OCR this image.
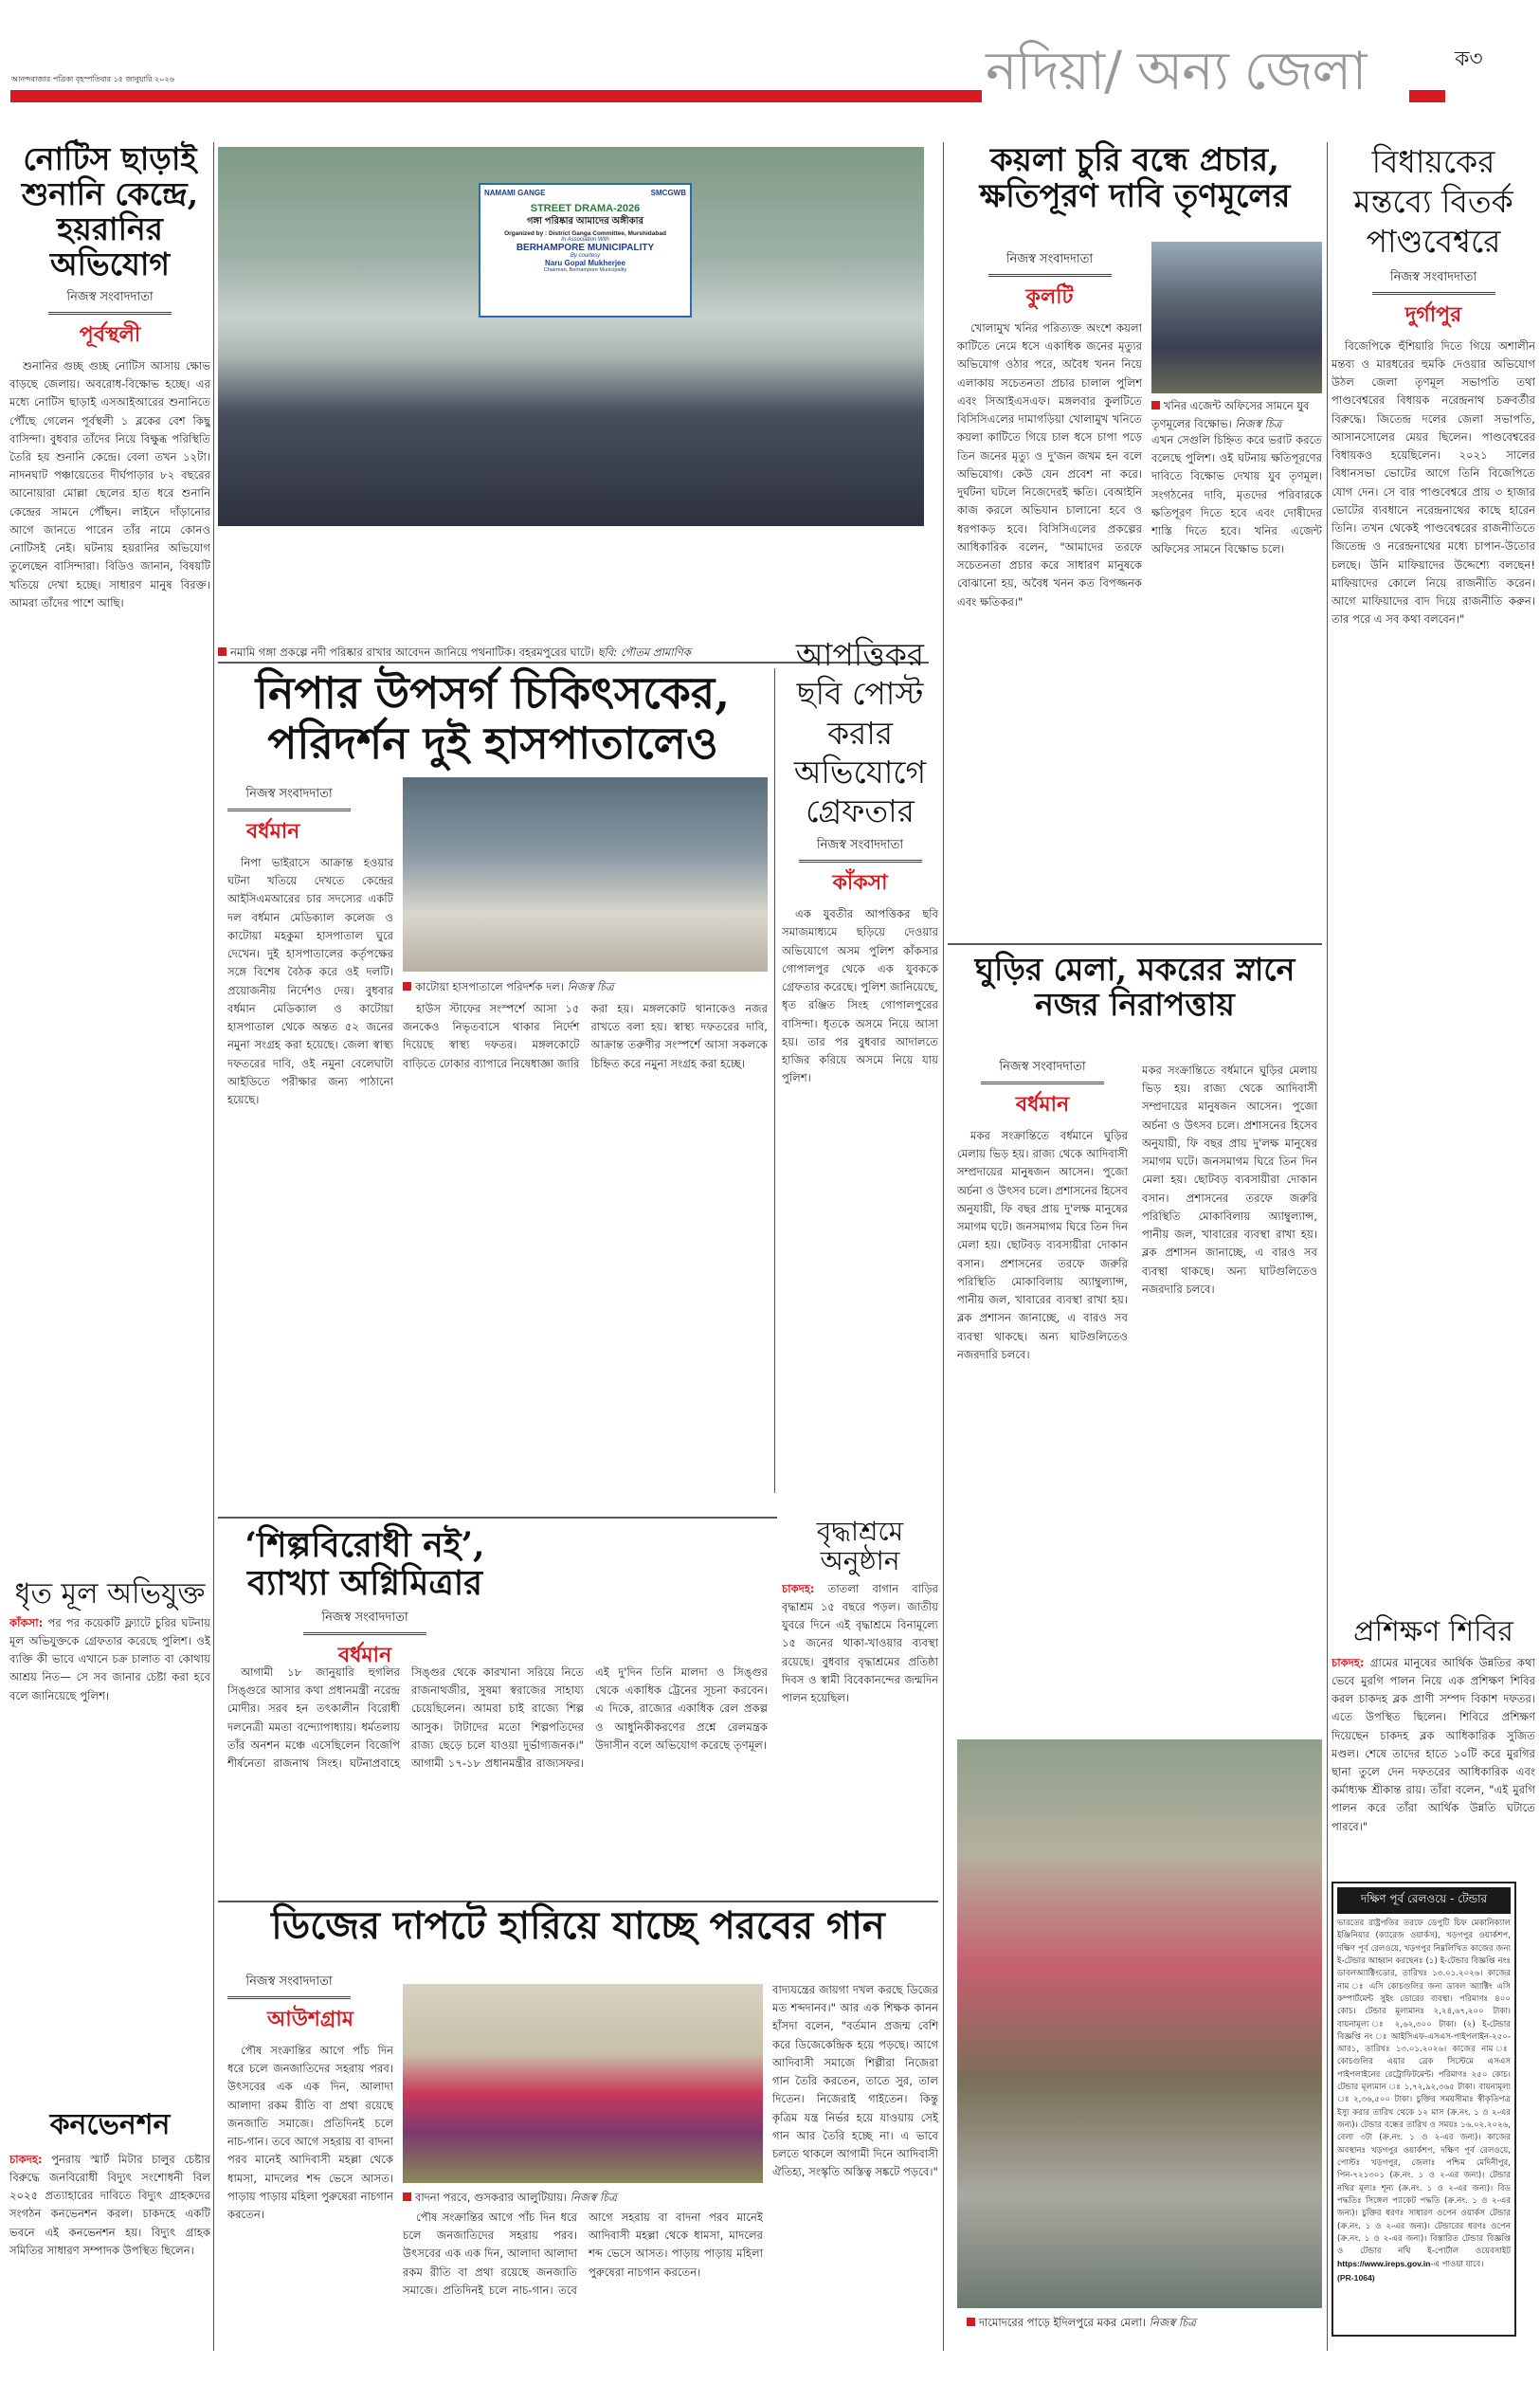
আনন্দবাজার পত্রিকা বৃহস্পতিবার ১৫ জানুয়ারি ২০২৬	নদিয়া/ অন্য জেলা	ক৩
নোটিস ছাড়াই শুনানি কেন্দ্রে, হয়রানির অভিযোগ
নিজস্ব সংবাদদাতা
পূর্বস্থলী

শুনানির গুচ্ছ গুচ্ছ নোটিস আসায় ক্ষোভ বাড়ছে জেলায়। অবরোধ-বিক্ষোভ হচ্ছে। এর মধ্যে নোটিস ছাড়াই এসআইআরের শুনানিতে পৌঁছে গেলেন পূর্বস্থলী ১ ব্লকের বেশ কিছু বাসিন্দা। বুধবার তাঁদের নিয়ে বিক্ষুব্ধ পরিস্থিতি তৈরি হয় শুনানি কেন্দ্রে। বেলা তখন ১২টা। নাদনঘাট পঞ্চায়েতের দীর্ঘপাড়ার ৮২ বছরের আনোয়ারা মোল্লা ছেলের হাত ধরে শুনানি কেন্দ্রের সামনে পৌঁছন। লাইনে দাঁড়ানোর আগে জানতে পারেন তাঁর নামে কোনও নোটিসই নেই। ঘটনায় হয়রানির অভিযোগ তুলেছেন বাসিন্দারা। বিডিও জানান, বিষয়টি খতিয়ে দেখা হচ্ছে। সাধারণ মানুষ বিরক্ত। আমরা তাঁদের পাশে আছি।

ধৃত মূল অভিযুক্ত

কাঁকসা: পর পর কয়েকটি ফ্ল্যাটে চুরির ঘটনায় মূল অভিযুক্তকে গ্রেফতার করেছে পুলিশ। ওই ব্যক্তি কী ভাবে এখানে চক্র চালাত বা কোথায় আশ্রয় নিত— সে সব জানার চেষ্টা করা হবে বলে জানিয়েছে পুলিশ।

কনভেনশন

চাকদহ: পুনরায় স্মার্ট মিটার চালুর চেষ্টার বিরুদ্ধে জনবিরোধী বিদ্যুৎ সংশোধনী বিল ২০২৫ প্রত্যাহারের দাবিতে বিদ্যুৎ গ্রাহকদের সংগঠন কনভেনশন করল। চাকদহে একটি ভবনে এই কনভেনশন হয়। বিদ্যুৎ গ্রাহক সমিতির সাধারণ সম্পাদক উপস্থিত ছিলেন।

NAMAMI GANGE	SMCGWB
STREET DRAMA-2026
গঙ্গা পরিষ্কার আমাদের অঙ্গীকার
Organized by : District Ganga Committee, Murshidabad
In Association With
BERHAMPORE MUNICIPALITY
By courtesy
Naru Gopal Mukherjee
Chairman, Berhampore Municipality
নমামি গঙ্গা প্রকল্পে নদী পরিষ্কার রাখার আবেদন জানিয়ে পথনাটিক। বহরমপুরের ঘাটে। ছবি: গৌতম প্রামাণিক
নিপার উপসর্গ চিকিৎসকের, পরিদর্শন দুই হাসপাতালেও
নিজস্ব সংবাদদাতা
বর্ধমান

নিপা ভাইরাসে আক্রান্ত হওয়ার ঘটনা খতিয়ে দেখতে কেন্দ্রের আইসিএমআরের চার সদস্যের একটি দল বর্ধমান মেডিক্যাল কলেজ ও কাটোয়া মহকুমা হাসপাতাল ঘুরে দেখেন। দুই হাসপাতালের কর্তৃপক্ষের সঙ্গে বিশেষ বৈঠক করে ওই দলটি। প্রয়োজনীয় নির্দেশও দেয়। বুধবার বর্ধমান মেডিক্যাল ও কাটোয়া হাসপাতাল থেকে অন্তত ৫২ জনের নমুনা সংগ্রহ করা হয়েছে। জেলা স্বাস্থ্য দফতরের দাবি, ওই নমুনা বেলেঘাটা আইডিতে পরীক্ষার জন্য পাঠানো হয়েছে।

কাটোয়া হাসপাতালে পরিদর্শক দল। নিজস্ব চিত্র

হাউস স্টাফের সংস্পর্শে আসা ১৫ জনকেও নিভৃতবাসে থাকার নির্দেশ দিয়েছে স্বাস্থ্য দফতর। মঙ্গলকোটে বাড়িতে ঢোকার ব্যাপারে নিষেধাজ্ঞা জারি করা হয়। মঙ্গলকোট থানাকেও নজর রাখতে বলা হয়। স্বাস্থ্য দফতরের দাবি, আক্রান্ত তরুণীর সংস্পর্শে আসা সকলকে চিহ্নিত করে নমুনা সংগ্রহ করা হচ্ছে।

আপত্তিকর ছবি পোস্ট করার অভিযোগে গ্রেফতার
নিজস্ব সংবাদদাতা
কাঁকসা

এক যুবতীর আপত্তিকর ছবি সমাজমাধ্যমে ছড়িয়ে দেওয়ার অভিযোগে অসম পুলিশ কাঁকসার গোপালপুর থেকে এক যুবককে গ্রেফতার করেছে। পুলিশ জানিয়েছে, ধৃত রঞ্জিত সিংহ গোপালপুরের বাসিন্দা। ধৃতকে অসমে নিয়ে আসা হয়। তার পর বুধবার আদালতে হাজির করিয়ে অসমে নিয়ে যায় পুলিশ।

বৃদ্ধাশ্রমে অনুষ্ঠান

চাকদহ: তাতলা বাগান বাড়ির বৃদ্ধাশ্রম ১৫ বছরে পড়ল। জাতীয় যুবরে দিনে এই বৃদ্ধাশ্রমে বিনামূল্যে ১৫ জনের থাকা-খাওয়ার ব্যবস্থা রয়েছে। বুধবার বৃদ্ধাশ্রমের প্রতিষ্ঠা দিবস ও স্বামী বিবেকানন্দের জন্মদিন পালন হয়েছিল।

‘শিল্পবিরোধী নই’, ব্যাখ্যা অগ্নিমিত্রার
নিজস্ব সংবাদদাতা
বর্ধমান

আগামী ১৮ জানুয়ারি হুগলির সিঙ্গুরে আসার কথা প্রধানমন্ত্রী নরেন্দ্র মোদীর। সরব হন তৎকালীন বিরোধী দলনেত্রী মমতা বন্দ্যোপাধ্যায়। ধর্মতলায় তাঁর অনশন মঞ্চে এসেছিলেন বিজেপি শীর্ষনেতা রাজনাথ সিংহ। ঘটনাপ্রবাহে সিঙ্গুর থেকে কারখানা সরিয়ে নিতে রাজনাথজীর, সুষমা স্বরাজের সাহায্য চেয়েছিলেন। আমরা চাই রাজ্যে শিল্প আসুক। টাটাদের মতো শিল্পপতিদের রাজ্য ছেড়ে চলে যাওয়া দুর্ভাগ্যজনক।" আগামী ১৭-১৮ প্রধানমন্ত্রীর রাজ্যসফর। এই দু'দিন তিনি মালদা ও সিঙ্গুর থেকে একাধিক ট্রেনের সূচনা করবেন। এ দিকে, রাজ্যের একাধিক রেল প্রকল্প ও আধুনিকীকরণের প্রশ্নে রেলমন্ত্রক উদাসীন বলে অভিযোগ করেছে তৃণমূল।

ডিজের দাপটে হারিয়ে যাচ্ছে পরবের গান
নিজস্ব সংবাদদাতা
আউশগ্রাম

পৌষ সংক্রান্তির আগে পাঁচ দিন ধরে চলে জনজাতিদের সহরায় পরব। উৎসবের এক এক দিন, আলাদা আলাদা রকম রীতি বা প্রথা রয়েছে জনজাতি সমাজে। প্রতিদিনই চলে নাচ-গান। তবে আগে সহরায় বা বাদনা পরব মানেই আদিবাসী মহল্লা থেকে ধামসা, মাদলের শব্দ ভেসে আসত। পাড়ায় পাড়ায় মহিলা পুরুষেরা নাচগান করতেন।

বাদনা পরবে, গুসকরার আলুটিয়ায়। নিজস্ব চিত্র

পৌষ সংক্রান্তির আগে পাঁচ দিন ধরে চলে জনজাতিদের সহরায় পরব। উৎসবের এক এক দিন, আলাদা আলাদা রকম রীতি বা প্রথা রয়েছে জনজাতি সমাজে। প্রতিদিনই চলে নাচ-গান। তবে আগে সহরায় বা বাদনা পরব মানেই আদিবাসী মহল্লা থেকে ধামসা, মাদলের শব্দ ভেসে আসত। পাড়ায় পাড়ায় মহিলা পুরুষেরা নাচগান করতেন।

বাদ্যযন্ত্রের জায়গা দখল করছে ডিজের মত শব্দদানব।" আর এক শিক্ষক কানন হাঁসদা বলেন, "বর্তমান প্রজন্ম বেশি করে ডিজেকেন্দ্রিক হয়ে পড়ছে। আগে আদিবাসী সমাজে শিল্পীরা নিজেরা গান তৈরি করতেন, তাতে সুর, তাল দিতেন। নিজেরাই গাইতেন। কিন্তু কৃত্রিম যন্ত্র নির্ভর হয়ে যাওয়ায় সেই গান আর তৈরি হচ্ছে না। এ ভাবে চলতে থাকলে আগামী দিনে আদিবাসী ঐতিহ্য, সংস্কৃতি অস্তিত্ব সঙ্কটে পড়বে।"

কয়লা চুরি বন্ধে প্রচার, ক্ষতিপূরণ দাবি তৃণমূলের
নিজস্ব সংবাদদাতা
কুলটি

খোলামুখ খনির পরিত্যক্ত অংশে কয়লা কাটিতে নেমে ধসে একাধিক জনের মৃত্যুর অভিযোগ ওঠার পরে, অবৈধ খনন নিয়ে এলাকায় সচেতনতা প্রচার চালাল পুলিশ এবং সিআইএসএফ। মঙ্গলবার কুলটিতে বিসিসিএলের দামাগড়িয়া খোলামুখ খনিতে কয়লা কাটিতে গিয়ে চাল ধসে চাপা পড়ে তিন জনের মৃত্যু ও দু'জন জখম হন বলে অভিযোগ। কেউ যেন প্রবেশ না করে। দুর্ঘটনা ঘটলে নিজেদেরই ক্ষতি। বেআইনি কাজ করলে অভিযান চালানো হবে ও ধরপাকড় হবে। বিসিসিএলের প্রকল্পের আধিকারিক বলেন, "আমাদের তরফে সচেতনতা প্রচার করে সাধারণ মানুষকে বোঝানো হয়, অবৈধ খনন কত বিপজ্জনক এবং ক্ষতিকর।"

খনির এজেন্ট অফিসের সামনে যুব তৃণমূলের বিক্ষোভ। নিজস্ব চিত্র

এখন সেগুলি চিহ্নিত করে ভরাট করতে বলেছে পুলিশ। ওই ঘটনায় ক্ষতিপূরণের দাবিতে বিক্ষোভ দেখায় যুব তৃণমূল। সংগঠনের দাবি, মৃতদের পরিবারকে ক্ষতিপূরণ দিতে হবে এবং দোষীদের শাস্তি দিতে হবে। খনির এজেন্ট অফিসের সামনে বিক্ষোভ চলে।

ঘুড়ির মেলা, মকরের স্নানে নজর নিরাপত্তায়
নিজস্ব সংবাদদাতা
বর্ধমান

মকর সংক্রান্তিতে বর্ধমানে ঘুড়ির মেলায় ভিড় হয়। রাজ্য থেকে আদিবাসী সম্প্রদায়ের মানুষজন আসেন। পুজো অর্চনা ও উৎসব চলে। প্রশাসনের হিসেব অনুযায়ী, ফি বছর প্রায় দু'লক্ষ মানুষের সমাগম ঘটে। জনসমাগম ঘিরে তিন দিন মেলা হয়। ছোটবড় ব্যবসায়ীরা দোকান বসান। প্রশাসনের তরফে জরুরি পরিস্থিতি মোকাবিলায় অ্যাম্বুল্যান্স, পানীয় জল, খাবারের ব্যবস্থা রাখা হয়। ব্লক প্রশাসন জানাচ্ছে, এ বারও সব ব্যবস্থা থাকছে। অন্য ঘাটগুলিতেও নজরদারি চলবে।

মকর সংক্রান্তিতে বর্ধমানে ঘুড়ির মেলায় ভিড় হয়। রাজ্য থেকে আদিবাসী সম্প্রদায়ের মানুষজন আসেন। পুজো অর্চনা ও উৎসব চলে। প্রশাসনের হিসেব অনুযায়ী, ফি বছর প্রায় দু'লক্ষ মানুষের সমাগম ঘটে। জনসমাগম ঘিরে তিন দিন মেলা হয়। ছোটবড় ব্যবসায়ীরা দোকান বসান। প্রশাসনের তরফে জরুরি পরিস্থিতি মোকাবিলায় অ্যাম্বুল্যান্স, পানীয় জল, খাবারের ব্যবস্থা রাখা হয়। ব্লক প্রশাসন জানাচ্ছে, এ বারও সব ব্যবস্থা থাকছে। অন্য ঘাটগুলিতেও নজরদারি চলবে।

দামোদরের পাড়ে ইদিলপুরে মকর মেলা। নিজস্ব চিত্র
বিধায়কের মন্তব্যে বিতর্ক পাণ্ডবেশ্বরে
নিজস্ব সংবাদদাতা
দুর্গাপুর

বিজেপিকে হুঁশিয়ারি দিতে গিয়ে অশালীন মন্তব্য ও মারধরের হুমকি দেওয়ার অভিযোগ উঠল জেলা তৃণমূল সভাপতি তথা পাণ্ডবেশ্বরের বিধায়ক নরেন্দ্রনাথ চক্রবর্তীর বিরুদ্ধে। জিতেন্দ্র দলের জেলা সভাপতি, আসানসোলের মেয়র ছিলেন। পাণ্ডবেশ্বরের বিধায়কও হয়েছিলেন। ২০২১ সালের বিধানসভা ভোটের আগে তিনি বিজেপিতে যোগ দেন। সে বার পাণ্ডবেশ্বরে প্রায় ৩ হাজার ভোটের ব্যবধানে নরেন্দ্রনাথের কাছে হারেন তিনি। তখন থেকেই পাণ্ডবেশ্বরের রাজনীতিতে জিতেন্দ্র ও নরেন্দ্রনাথের মধ্যে চাপান-উতোর চলছে। উনি মাফিয়াদের উদ্দেশ্যে বলছেন! মাফিয়াদের কোলে নিয়ে রাজনীতি করেন। আগে মাফিয়াদের বাদ দিয়ে রাজনীতি করুন। তার পরে এ সব কথা বলবেন।"

প্রশিক্ষণ শিবির

চাকদহ: গ্রামের মানুষের আর্থিক উন্নতির কথা ভেবে মুরগি পালন নিয়ে এক প্রশিক্ষণ শিবির করল চাকদহ ব্লক প্রাণী সম্পদ বিকাশ দফতর। এতে উপস্থিত ছিলেন। শিবিরে প্রশিক্ষণ দিয়েছেন চাকদহ ব্লক আধিকারিক সুজিত মণ্ডল। শেষে তাদের হাতে ১০টি করে মুরগির ছানা তুলে দেন দফতরের আধিকারিক এবং কর্মাধ্যক্ষ শ্রীকান্ত রায়। তাঁরা বলেন, "এই মুরগি পালন করে তাঁরা আর্থিক উন্নতি ঘটাতে পারবে।"

দক্ষিণ পূর্ব রেলওয়ে - টেন্ডার
ভারতের রাষ্ট্রপতির তরফে ডেপুটি চিফ মেকানিক্যাল ইঞ্জিনিয়ার (ক্যারেজ ওয়ার্কস), খড়গপুর ওয়ার্কশপ, দক্ষিণ পূর্ব রেলওয়ে, খড়গপুর নিম্নলিখিত কাজের জন্য ই-টেন্ডার আহ্বান করছেনঃ (১) ই-টেন্ডার বিজ্ঞপ্তি নংঃ ডাবলঅ্যাক্টিংডোর, তারিখঃ ১৩.০১.২০২৬। কাজের নাম ঃ এসি কোচগুলির জন্য ডাবল অ্যাক্টিং এসি কম্পার্টমেন্ট সুইং ডোরের ব্যবস্থা। পরিমাণঃ ৪০০ কোচ। টেন্ডার মূল্যমানঃ ২,২৪,৬৭,২০০ টাকা। বায়নামূল্য ঃ ২,৬২,৩০০ টাকা। (২) ই-টেন্ডার বিজ্ঞপ্তি নং ঃ আইসিএফ-এসএস-পাইপলাইন-২৫০-আর১, তারিখঃ ১৩.০১.২০২৬। কাজের নাম ঃ কোচগুলির এয়ার ব্রেক সিস্টেমে এসএস পাইপলাইনের রেট্রোফিটমেন্ট। পরিমাণঃ ২৫০ কোচ। টেন্ডার মূল্যমান ঃ ১,৭২,৯২,৩৬৫ টাকা। বায়নামূল্য ঃ ২,৩৬,৫০০ টাকা। চুক্তির সময়সীমাঃ স্বীকৃতিপত্র ইস্যু করার তারিখ থেকে ১২ মাস (ক্র.নং. ১ ও ২-এর জন্য)। টেন্ডার বন্ধের তারিখ ও সময়ঃ ১৬.০২.২০২৬, বেলা ৩টা (ক্র.নং. ১ ও ২-এর জন্য)। কাজের অবস্থানঃ খড়গপুর ওয়ার্কশপ, দক্ষিণ পূর্ব রেলওয়ে, পোস্টঃ খড়গপুর, জেলাঃ পশ্চিম মেদিনীপুর, পিন-৭২১৩০১ (ক্র.নং. ১ ও ২-এর জন্য)। টেন্ডার নথির মূল্যঃ শূন্য (ক্র.নং. ১ ও ২-এর জন্য)। বিড পদ্ধতিঃ সিঙ্গেল প্যাকেট পদ্ধতি (ক্র.নং. ১ ও ২-এর জন্য)। চুক্তির ধরণঃ সাধারণ ওপেন ওয়ার্কস টেন্ডার (ক্র.নং. ১ ও ২-এর জন্য)। টেন্ডারের ধরণঃ ওপেন (ক্র.নং. ১ ও ২-এর জন্য)। বিস্তারিত টেন্ডার বিজ্ঞপ্তি ও টেন্ডার নথি ই-পোর্টাল ওয়েবসাইট https://www.ireps.gov.in-এ পাওয়া যাবে।
(PR-1064)
